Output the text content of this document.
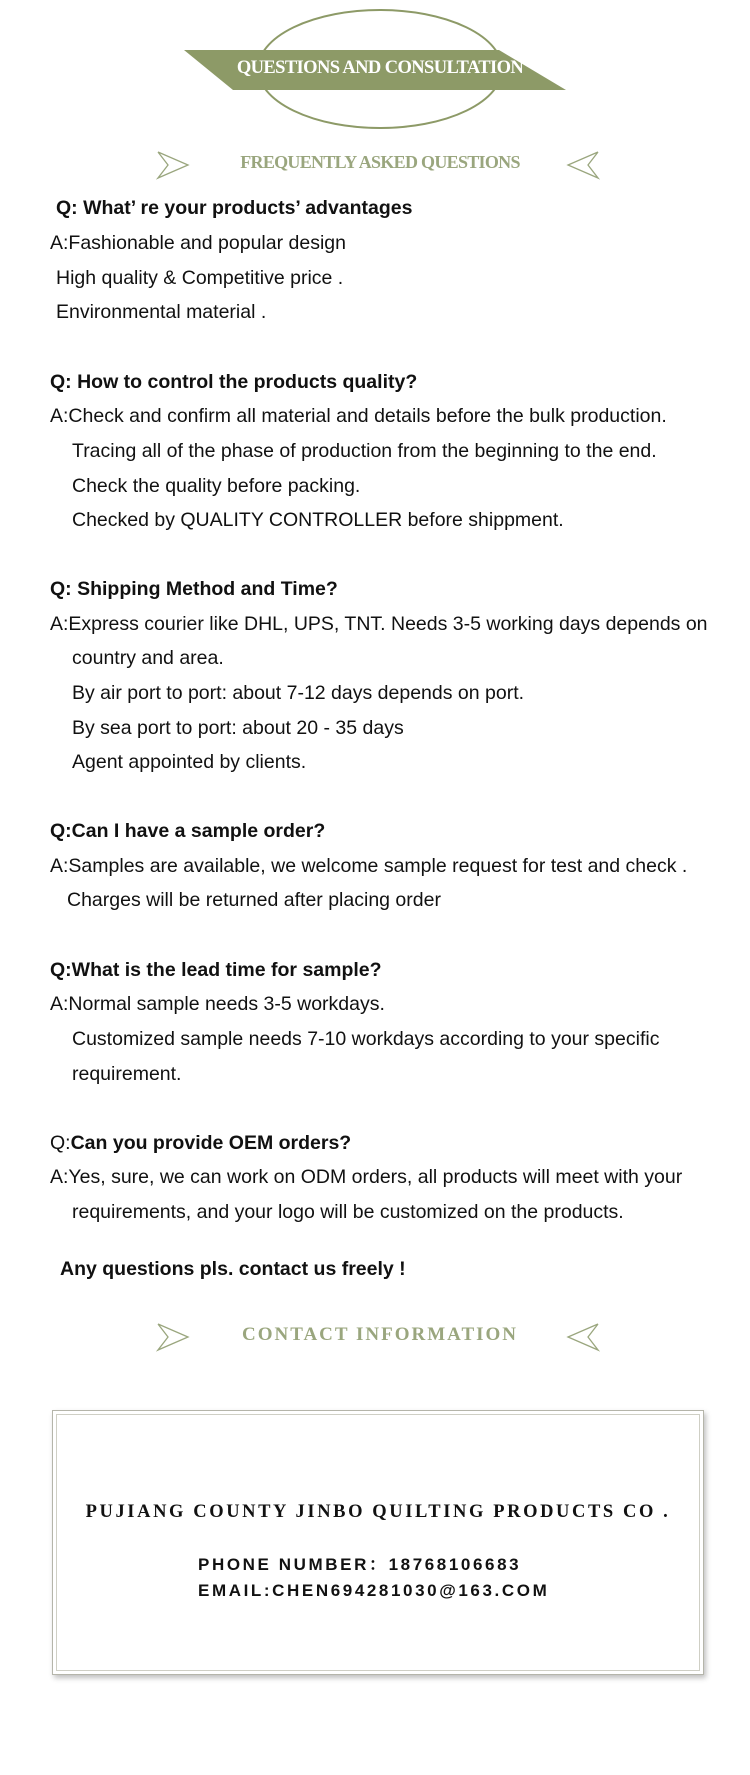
QUESTIONS AND CONSULTATION
FREQUENTLY ASKED QUESTIONS
Q: What’ re your products’ advantages
A:Fashionable and popular design
High quality & Competitive price .
Environmental material .
Q: How to control the products quality?
A:Check and confirm all material and details before the bulk production.
Tracing all of the phase of production from the beginning to the end.
Check the quality before packing.
Checked by QUALITY CONTROLLER before shippment.
Q: Shipping Method and Time?
A:Express courier like DHL, UPS, TNT. Needs 3-5 working days depends on
country and area.
By air port to port: about 7-12 days depends on port.
By sea port to port: about 20 - 35 days
Agent appointed by clients.
Q:Can I have a sample order?
A:Samples are available, we welcome sample request for test and check .
Charges will be returned after placing order
Q:What is the lead time for sample?
A:Normal sample needs 3-5 workdays.
Customized sample needs 7-10 workdays according to your specific
requirement.
Q:Can you provide OEM orders?
A:Yes, sure, we can work on ODM orders, all products will meet with your
requirements, and your logo will be customized on the products.
Any questions pls. contact us freely !
CONTACT INFORMATION
PUJIANG COUNTY JINBO QUILTING PRODUCTS CO .
PHONE NUMBER：18768106683
EMAIL:CHEN694281030@163.COM
